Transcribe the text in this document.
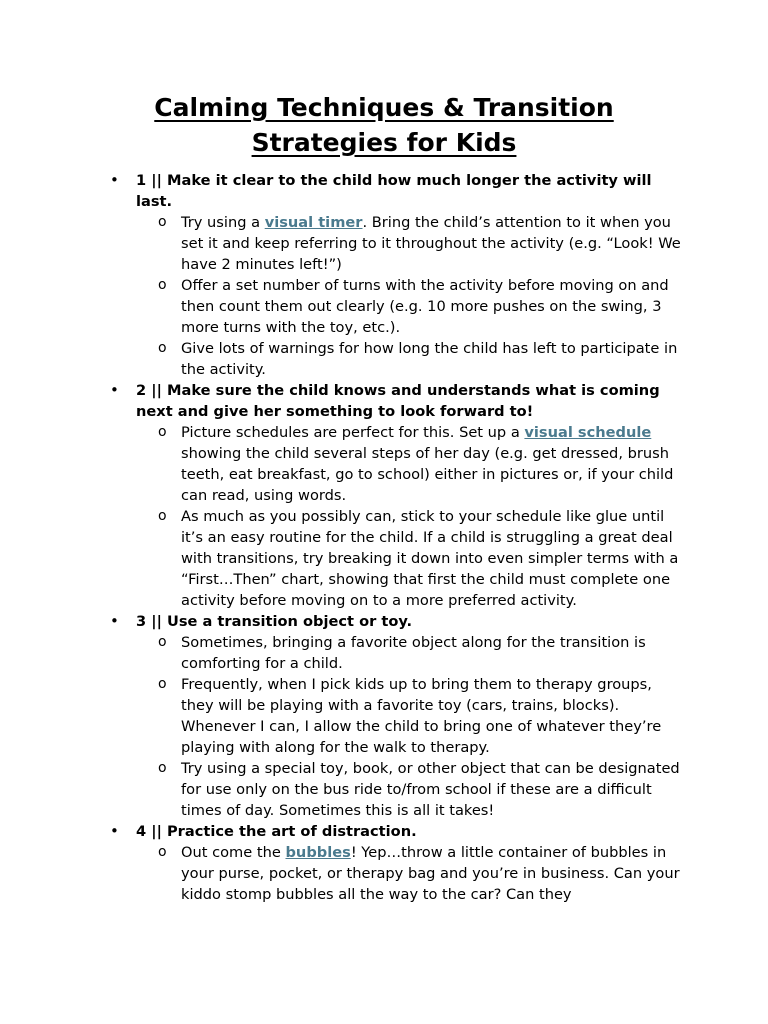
Calming Techniques & Transition
Strategies for Kids
• 1 || Make it clear to the child how much longer the activity will last.
o Try using a visual timer. Bring the child’s attention to it when you set it and keep referring to it throughout the activity (e.g. “Look! We have 2 minutes left!”)
o Offer a set number of turns with the activity before moving on and then count them out clearly (e.g. 10 more pushes on the swing, 3 more turns with the toy, etc.).
o Give lots of warnings for how long the child has left to participate in the activity.
• 2 || Make sure the child knows and understands what is coming next and give her something to look forward to!
o Picture schedules are perfect for this. Set up a visual schedule showing the child several steps of her day (e.g. get dressed, brush teeth, eat breakfast, go to school) either in pictures or, if your child can read, using words.
o As much as you possibly can, stick to your schedule like glue until it’s an easy routine for the child. If a child is struggling a great deal with transitions, try breaking it down into even simpler terms with a “First…Then” chart, showing that first the child must complete one activity before moving on to a more preferred activity.
• 3 || Use a transition object or toy.
o Sometimes, bringing a favorite object along for the transition is comforting for a child.
o Frequently, when I pick kids up to bring them to therapy groups, they will be playing with a favorite toy (cars, trains, blocks). Whenever I can, I allow the child to bring one of whatever they’re playing with along for the walk to therapy.
o Try using a special toy, book, or other object that can be designated for use only on the bus ride to/from school if these are a difficult times of day. Sometimes this is all it takes!
• 4 || Practice the art of distraction.
o Out come the bubbles! Yep…throw a little container of bubbles in your purse, pocket, or therapy bag and you’re in business. Can your kiddo stomp bubbles all the way to the car? Can they
